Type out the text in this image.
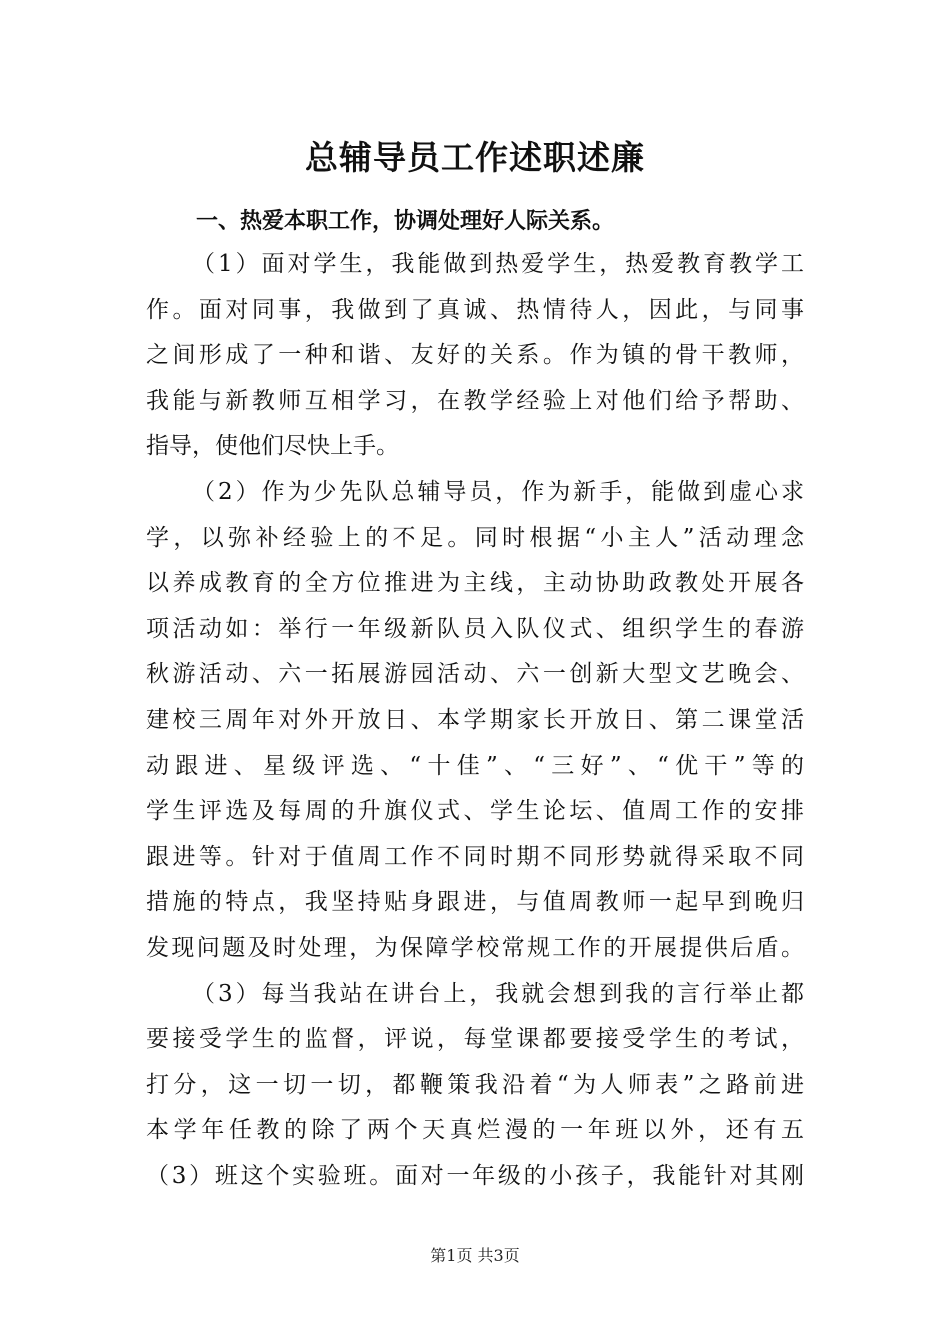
总辅导员工作述职述廉
一、热爱本职工作，协调处理好人际关系。
（1）面对学生，我能做到热爱学生，热爱教育教学工
作。面对同事，我做到了真诚、热情待人，因此，与同事
之间形成了一种和谐、友好的关系。作为镇的骨干教师，
我能与新教师互相学习，在教学经验上对他们给予帮助、
指导，使他们尽快上手。
（2）作为少先队总辅导员，作为新手，能做到虚心求
学，以弥补经验上的不足。同时根据“小主人”活动理念
以养成教育的全方位推进为主线，主动协助政教处开展各
项活动如：举行一年级新队员入队仪式、组织学生的春游
秋游活动、六一拓展游园活动、六一创新大型文艺晚会、
建校三周年对外开放日、本学期家长开放日、第二课堂活
动跟进、星级评选、“十佳”、“三好”、“优干”等的
学生评选及每周的升旗仪式、学生论坛、值周工作的安排
跟进等。针对于值周工作不同时期不同形势就得采取不同
措施的特点，我坚持贴身跟进，与值周教师一起早到晚归
发现问题及时处理，为保障学校常规工作的开展提供后盾。
（3）每当我站在讲台上，我就会想到我的言行举止都
要接受学生的监督，评说，每堂课都要接受学生的考试，
打分，这一切一切，都鞭策我沿着“为人师表”之路前进
本学年任教的除了两个天真烂漫的一年班以外，还有五
（3）班这个实验班。面对一年级的小孩子，我能针对其刚
第1页 共3页
